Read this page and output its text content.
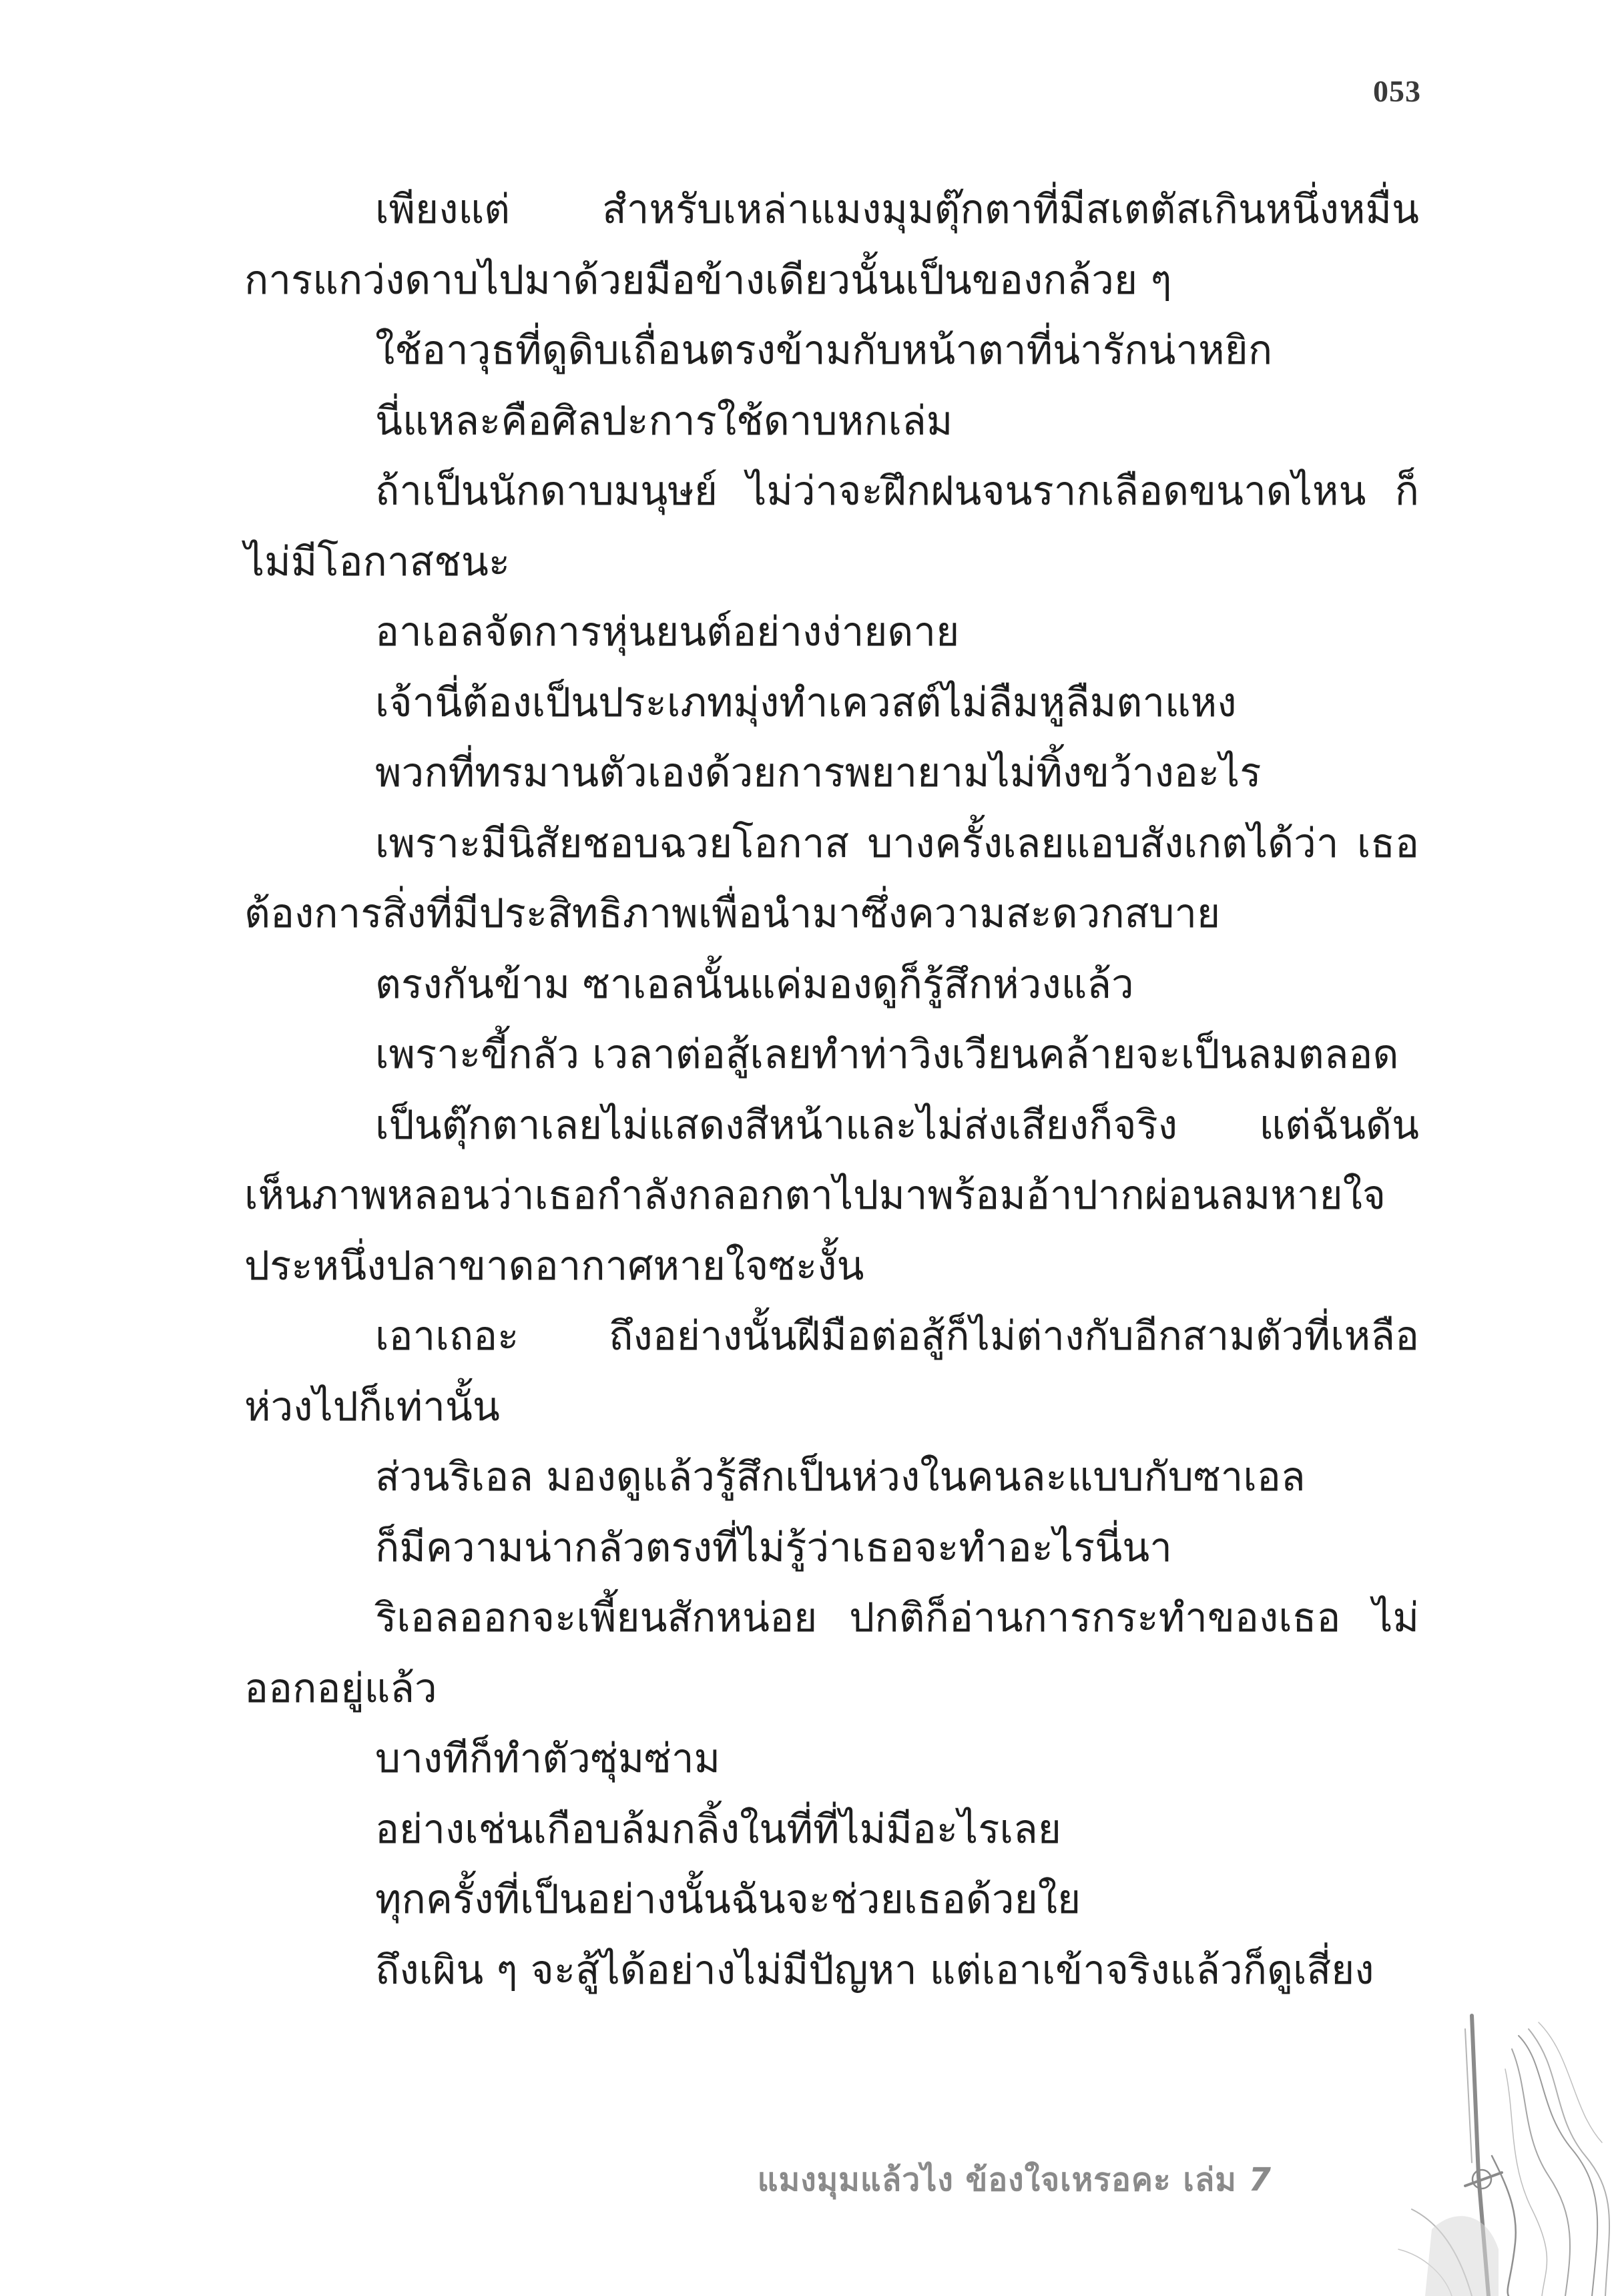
053

เพียงแต่ สำหรับเหล่าแมงมุมตุ๊กตาที่มีสเตตัสเกินหนึ่งหมื่น การแกว่งดาบไปมาด้วยมือข้างเดียวนั้นเป็นของกล้วย ๆ

ใช้อาวุธที่ดูดิบเถื่อนตรงข้ามกับหน้าตาที่น่ารักน่าหยิก

นี่แหละคือศิลปะการใช้ดาบหกเล่ม

ถ้าเป็นนักดาบมนุษย์ ไม่ว่าจะฝึกฝนจนรากเลือดขนาดไหน ก็ไม่มีโอกาสชนะ

อาเอลจัดการหุ่นยนต์อย่างง่ายดาย

เจ้านี่ต้องเป็นประเภทมุ่งทำเควสต์ไม่ลืมหูลืมตาแหง

พวกที่ทรมานตัวเองด้วยการพยายามไม่ทิ้งขว้างอะไร

เพราะมีนิสัยชอบฉวยโอกาส บางครั้งเลยแอบสังเกตได้ว่า เธอต้องการสิ่งที่มีประสิทธิภาพเพื่อนำมาซึ่งความสะดวกสบาย

ตรงกันข้าม ซาเอลนั้นแค่มองดูก็รู้สึกห่วงแล้ว

เพราะขี้กลัว เวลาต่อสู้เลยทำท่าวิงเวียนคล้ายจะเป็นลมตลอด

เป็นตุ๊กตาเลยไม่แสดงสีหน้าและไม่ส่งเสียงก็จริง แต่ฉันดัน เห็นภาพหลอนว่าเธอกำลังกลอกตาไปมาพร้อมอ้าปากผ่อนลมหายใจ ประหนึ่งปลาขาดอากาศหายใจซะงั้น

เอาเถอะ ถึงอย่างนั้นฝีมือต่อสู้ก็ไม่ต่างกับอีกสามตัวที่เหลือ ห่วงไปก็เท่านั้น

ส่วนริเอล มองดูแล้วรู้สึกเป็นห่วงในคนละแบบกับซาเอล

ก็มีความน่ากลัวตรงที่ไม่รู้ว่าเธอจะทำอะไรนี่นา

ริเอลออกจะเพี้ยนสักหน่อย ปกติก็อ่านการกระทำของเธอ ไม่ออกอยู่แล้ว

บางทีก็ทำตัวซุ่มซ่าม

อย่างเช่นเกือบล้มกลิ้งในที่ที่ไม่มีอะไรเลย

ทุกครั้งที่เป็นอย่างนั้นฉันจะช่วยเธอด้วยใย

ถึงเผิน ๆ จะสู้ได้อย่างไม่มีปัญหา แต่เอาเข้าจริงแล้วก็ดูเสี่ยง

แมงมุมแล้วไง ข้องใจเหรอคะ เล่ม 7
